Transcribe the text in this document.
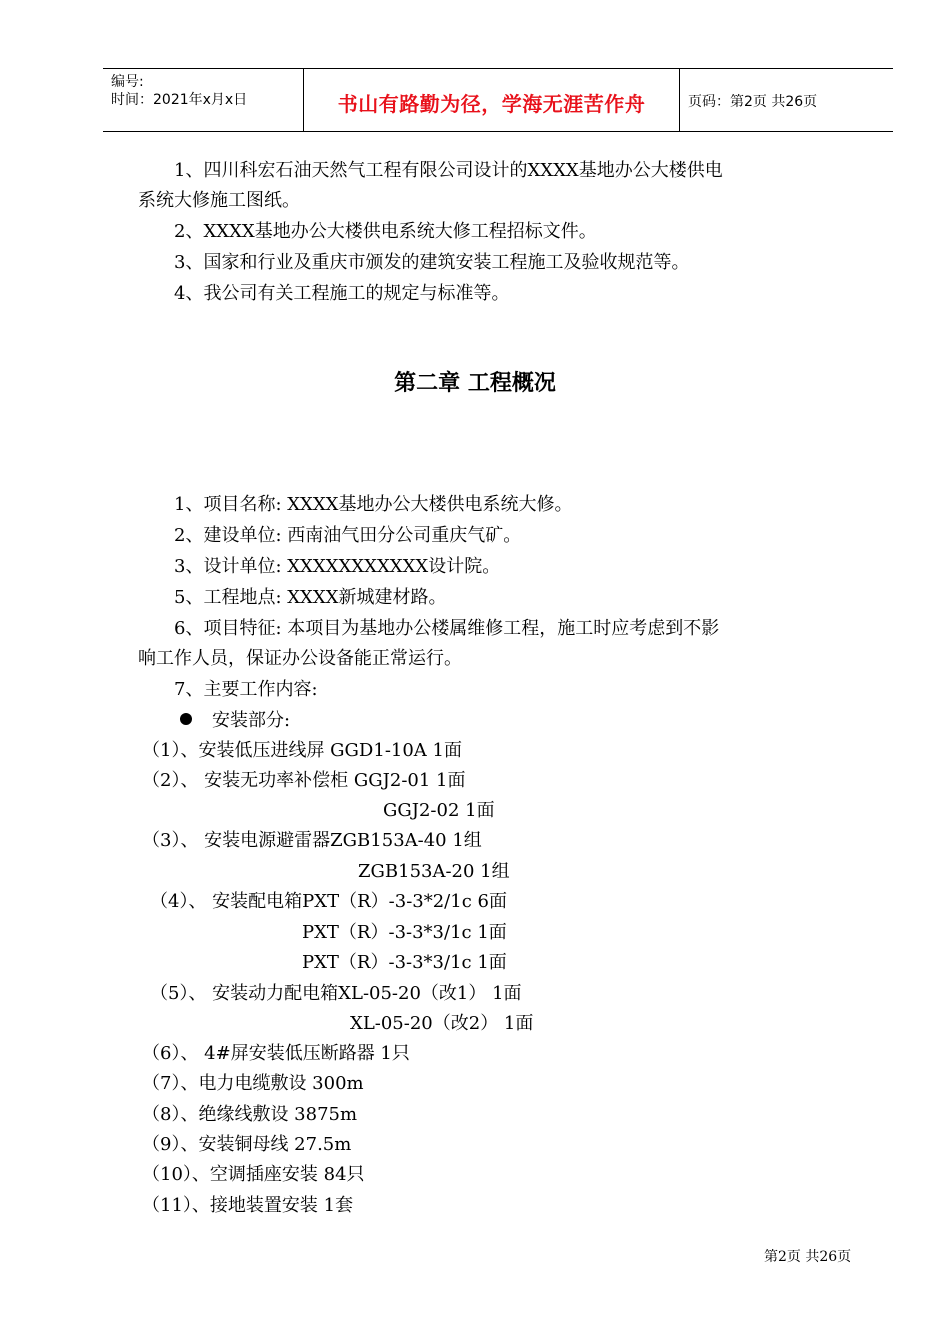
编号:
时间：2021年x月x日	书山有路勤为径，学海无涯苦作舟	页码：第2页 共26页
1、四川科宏石油天然气工程有限公司设计的XXXX基地办公大楼供电
系统大修施工图纸。
2、XXXX基地办公大楼供电系统大修工程招标文件。
3、国家和行业及重庆市颁发的建筑安装工程施工及验收规范等。
4、我公司有关工程施工的规定与标准等。
第二章 工程概况
1、项目名称: XXXX基地办公大楼供电系统大修。
2、建设单位: 西南油气田分公司重庆气矿。
3、设计单位: XXXXXXXXXXX设计院。
5、工程地点: XXXX新城建材路。
6、项目特征: 本项目为基地办公楼属维修工程，施工时应考虑到不影
响工作人员，保证办公设备能正常运行。
7、主要工作内容:
安装部分:
（1）、安装低压进线屏 GGD1-10A 1面
（2）、 安装无功率补偿柜 GGJ2-01 1面
GGJ2-02 1面
（3）、 安装电源避雷器ZGB153A-40 1组
ZGB153A-20 1组
（4）、 安装配电箱PXT（R）-3-3*2/1c 6面
PXT（R）-3-3*3/1c 1面
PXT（R）-3-3*3/1c 1面
（5）、 安装动力配电箱XL-05-20（改1） 1面
XL-05-20（改2） 1面
（6）、 4#屏安装低压断路器 1只
（7）、电力电缆敷设 300m
（8）、绝缘线敷设 3875m
（9）、安装铜母线 27.5m
（10）、空调插座安装 84只
（11）、接地装置安装 1套
第2页 共26页
